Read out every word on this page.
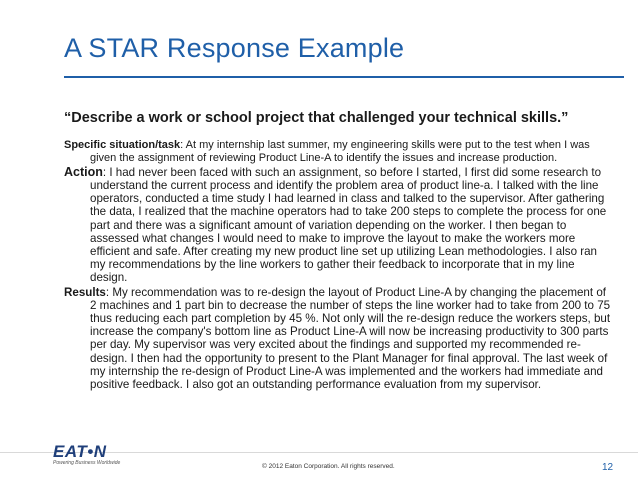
A STAR Response Example
“Describe a work or school project that challenged your technical skills.”

Specific situation/task: At my internship last summer, my engineering skills were put to the test when I was given the assignment of reviewing Product Line-A to identify the issues and increase production.

Action: I had never been faced with such an assignment, so before I started, I first did some research to understand the current process and identify the problem area of product line-a. I talked with the line operators, conducted a time study I had learned in class and talked to the supervisor. After gathering the data, I realized that the machine operators had to take 200 steps to complete the process for one part and there was a significant amount of variation depending on the worker. I then began to assessed what changes I would need to make to improve the layout to make the workers more efficient and safe. After creating my new product line set up utilizing Lean methodologies. I also ran my recommendations by the line workers to gather their feedback to incorporate that in my line design.

Results: My recommendation was to re-design the layout of Product Line-A by changing the placement of 2 machines and 1 part bin to decrease the number of steps the line worker had to take from 200 to 75 thus reducing each part completion by 45 %. Not only will the re-design reduce the workers steps, but increase the company's bottom line as Product Line-A will now be increasing productivity to 300 parts per day. My supervisor was very excited about the findings and supported my recommended re-design. I then had the opportunity to present to the Plant Manager for final approval. The last week of my internship the re-design of Product Line-A was implemented and the workers had immediate and positive feedback. I also got an outstanding performance evaluation from my supervisor.

EAT•N
Powering Business Worldwide	© 2012 Eaton Corporation. All rights reserved.	12
